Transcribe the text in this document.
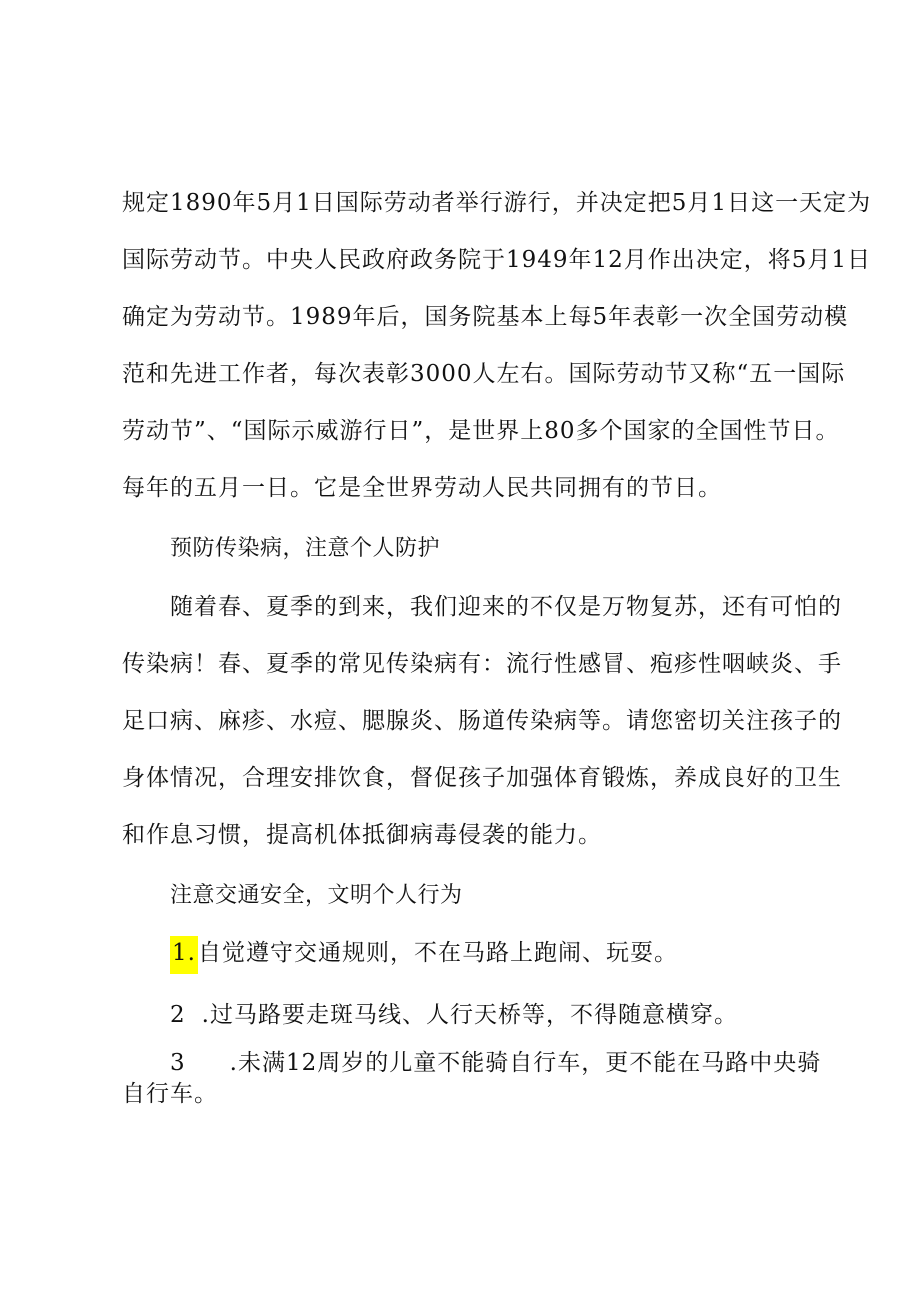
规定1890年5月1日国际劳动者举行游行，并决定把5月1日这一天定为
国际劳动节。中央人民政府政务院于1949年12月作出决定，将5月1日
确定为劳动节。1989年后，国务院基本上每5年表彰一次全国劳动模
范和先进工作者，每次表彰3000人左右。国际劳动节又称“五一国际
劳动节”、“国际示威游行日”，是世界上80多个国家的全国性节日。
每年的五月一日。它是全世界劳动人民共同拥有的节日。
预防传染病，注意个人防护
随着春、夏季的到来，我们迎来的不仅是万物复苏，还有可怕的
传染病！春、夏季的常见传染病有：流行性感冒、疱疹性咽峡炎、手
足口病、麻疹、水痘、腮腺炎、肠道传染病等。请您密切关注孩子的
身体情况，合理安排饮食，督促孩子加强体育锻炼，养成良好的卫生
和作息习惯，提高机体抵御病毒侵袭的能力。
注意交通安全，文明个人行为
1.自觉遵守交通规则，不在马路上跑闹、玩耍。
2 .过马路要走斑马线、人行天桥等，不得随意横穿。
3 .未满12周岁的儿童不能骑自行车，更不能在马路中央骑
自行车。
